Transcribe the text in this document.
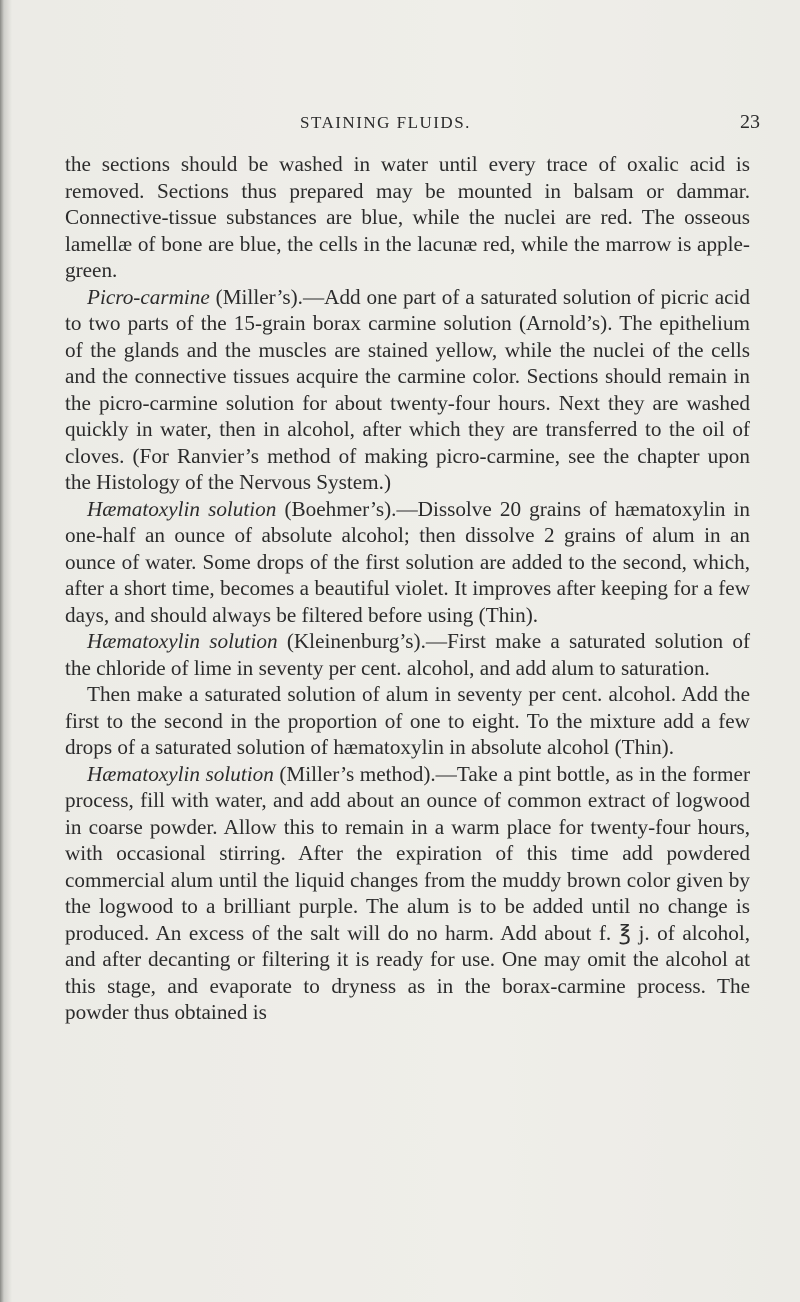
STAINING FLUIDS.	23

the sections should be washed in water until every trace of oxalic acid is removed. Sections thus prepared may be mounted in balsam or dammar. Connective-tissue substances are blue, while the nuclei are red. The osseous lamellæ of bone are blue, the cells in the lacunæ red, while the marrow is apple-green.

Picro-carmine (Miller’s).—Add one part of a saturated solution of picric acid to two parts of the 15-grain borax carmine solution (Arnold’s). The epithelium of the glands and the muscles are stained yellow, while the nuclei of the cells and the connective tissues acquire the carmine color. Sections should remain in the picro-carmine solution for about twenty-four hours. Next they are washed quickly in water, then in alcohol, after which they are transferred to the oil of cloves. (For Ranvier’s method of making picro-carmine, see the chapter upon the Histology of the Nervous System.)

Hæmatoxylin solution (Boehmer’s).—Dissolve 20 grains of hæmatoxylin in one-half an ounce of absolute alcohol; then dissolve 2 grains of alum in an ounce of water. Some drops of the first solution are added to the second, which, after a short time, becomes a beautiful violet. It improves after keeping for a few days, and should always be filtered before using (Thin).

Hæmatoxylin solution (Kleinenburg’s).—First make a saturated solution of the chloride of lime in seventy per cent. alcohol, and add alum to saturation.

Then make a saturated solution of alum in seventy per cent. alcohol. Add the first to the second in the proportion of one to eight. To the mixture add a few drops of a saturated solution of hæmatoxylin in absolute alcohol (Thin).

Hæmatoxylin solution (Miller’s method).—Take a pint bottle, as in the former process, fill with water, and add about an ounce of common extract of logwood in coarse powder. Allow this to remain in a warm place for twenty-four hours, with occasional stirring. After the expiration of this time add powdered commercial alum until the liquid changes from the muddy brown color given by the logwood to a brilliant purple. The alum is to be added until no change is produced. An excess of the salt will do no harm. Add about f. ℥ j. of alcohol, and after decanting or filtering it is ready for use. One may omit the alcohol at this stage, and evaporate to dryness as in the borax-carmine process. The powder thus obtained is
